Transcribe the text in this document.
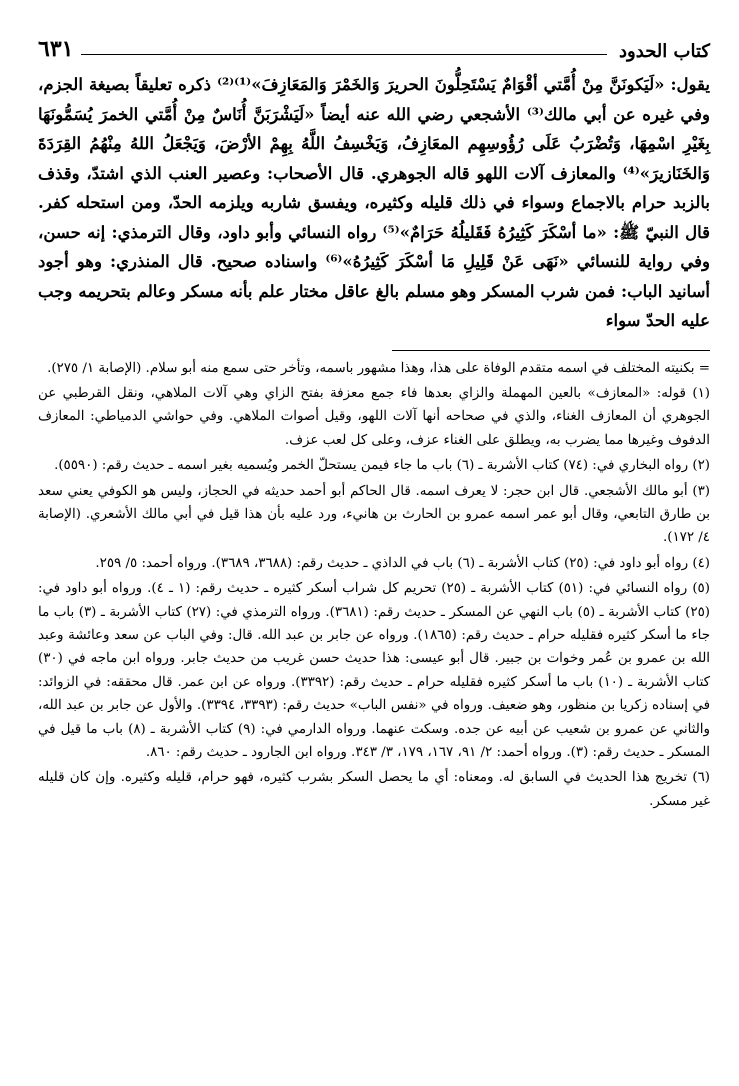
كتاب الحدود
٦٣١

يقول: «لَيَكونَنَّ مِنْ أُمَّتي أقْوَامٌ يَسْتَحِلُّونَ الحريرَ وَالخَمْرَ وَالمَعَازِفَ»⁽¹⁾⁽²⁾ ذكره تعليقاً بصيغة الجزم، وفي غيره عن أبي مالك⁽³⁾ الأشجعي رضي الله عنه أيضاً «لَيَشْرَبَنَّ أُنَاسٌ مِنْ أُمَّتي الخمرَ يُسَمُّونَهَا بِغَيْرِ اسْمِهَا، وَتُضْرَبُ عَلَى رُؤُوسِهِم المعَازِفُ، وَيَخْسِفُ اللَّهُ بِهِمْ الأرْضَ، وَيَجْعَلُ اللهُ مِنْهُمُ القِرَدَةَ وَالخَنَازيرَ»⁽⁴⁾ والمعازف آلات اللهو قاله الجوهري. قال الأصحاب: وعصير العنب الذي اشتدّ، وقذف بالزبد حرام بالاجماع وسواء في ذلك قليله وكثيره، ويفسق شاربه ويلزمه الحدّ، ومن استحله كفر. قال النبيّ ﷺ: «ما أسْكَرَ كَثِيرُهُ فَقَليلُهُ حَرَامٌ»⁽⁵⁾ رواه النسائي وأبو داود، وقال الترمذي: إنه حسن، وفي رواية للنسائي «نَهَى عَنْ قَلِيلِ مَا أسْكَرَ كَثِيرُهُ»⁽⁶⁾ واسناده صحيح. قال المنذري: وهو أجود أسانيد الباب: فمن شرب المسكر وهو مسلم بالغ عاقل مختار علم بأنه مسكر وعالم بتحريمه وجب عليه الحدّ سواء

= بكنيته المختلف في اسمه متقدم الوفاة على هذا، وهذا مشهور باسمه، وتأخر حتى سمع منه أبو سلام. (الإصابة ١/ ٢٧٥).

(١) قوله: «المعازف» بالعين المهملة والزاي بعدها فاء جمع معزفة بفتح الزاي وهي آلات الملاهي، ونقل القرطبي عن الجوهري أن المعازف الغناء، والذي في صحاحه أنها آلات اللهو، وقيل أصوات الملاهي. وفي حواشي الدمياطي: المعازف الدفوف وغيرها مما يضرب به، ويطلق على الغناء عزف، وعلى كل لعب عزف.

(٢) رواه البخاري في: (٧٤) كتاب الأشربة ـ (٦) باب ما جاء فيمن يستحلّ الخمر ويُسميه بغير اسمه ـ حديث رقم: (٥٥٩٠).

(٣) أبو مالك الأشجعي. قال ابن حجر: لا يعرف اسمه. قال الحاكم أبو أحمد حديثه في الحجاز، وليس هو الكوفي يعني سعد بن طارق التابعي، وقال أبو عمر اسمه عمرو بن الحارث بن هانيء، ورد عليه بأن هذا قيل في أبي مالك الأشعري. (الإصابة ٤/ ١٧٢).

(٤) رواه أبو داود في: (٢٥) كتاب الأشربة ـ (٦) باب في الداذي ـ حديث رقم: (٣٦٨٨، ٣٦٨٩). ورواه أحمد: ٥/ ٢٥٩.

(٥) رواه النسائي في: (٥١) كتاب الأشربة ـ (٢٥) تحريم كل شراب أسكر كثيره ـ حديث رقم: (١ ـ ٤). ورواه أبو داود في: (٢٥) كتاب الأشربة ـ (٥) باب النهي عن المسكر ـ حديث رقم: (٣٦٨١). ورواه الترمذي في: (٢٧) كتاب الأشربة ـ (٣) باب ما جاء ما أسكر كثيره فقليله حرام ـ حديث رقم: (١٨٦٥). ورواه عن جابر بن عبد الله. قال: وفي الباب عن سعد وعائشة وعبد الله بن عمرو بن عُمر وخوات بن جبير. قال أبو عيسى: هذا حديث حسن غريب من حديث جابر. ورواه ابن ماجه في (٣٠) كتاب الأشربة ـ (١٠) باب ما أسكر كثيره فقليله حرام ـ حديث رقم: (٣٣٩٢). ورواه عن ابن عمر. قال محققه: في الزوائد: في إسناده زكريا بن منظور، وهو ضعيف. ورواه في «نفس الباب» حديث رقم: (٣٣٩٣، ٣٣٩٤). والأول عن جابر بن عبد الله، والثاني عن عمرو بن شعيب عن أبيه عن جده. وسكت عنهما. ورواه الدارمي في: (٩) كتاب الأشربة ـ (٨) باب ما قيل في المسكر ـ حديث رقم: (٣). ورواه أحمد: ٢/ ٩١، ١٦٧، ١٧٩، ٣/ ٣٤٣. ورواه ابن الجارود ـ حديث رقم: ٨٦٠.

(٦) تخريج هذا الحديث في السابق له. ومعناه: أي ما يحصل السكر بشرب كثيره، فهو حرام، قليله وكثيره. وإن كان قليله غير مسكر.
